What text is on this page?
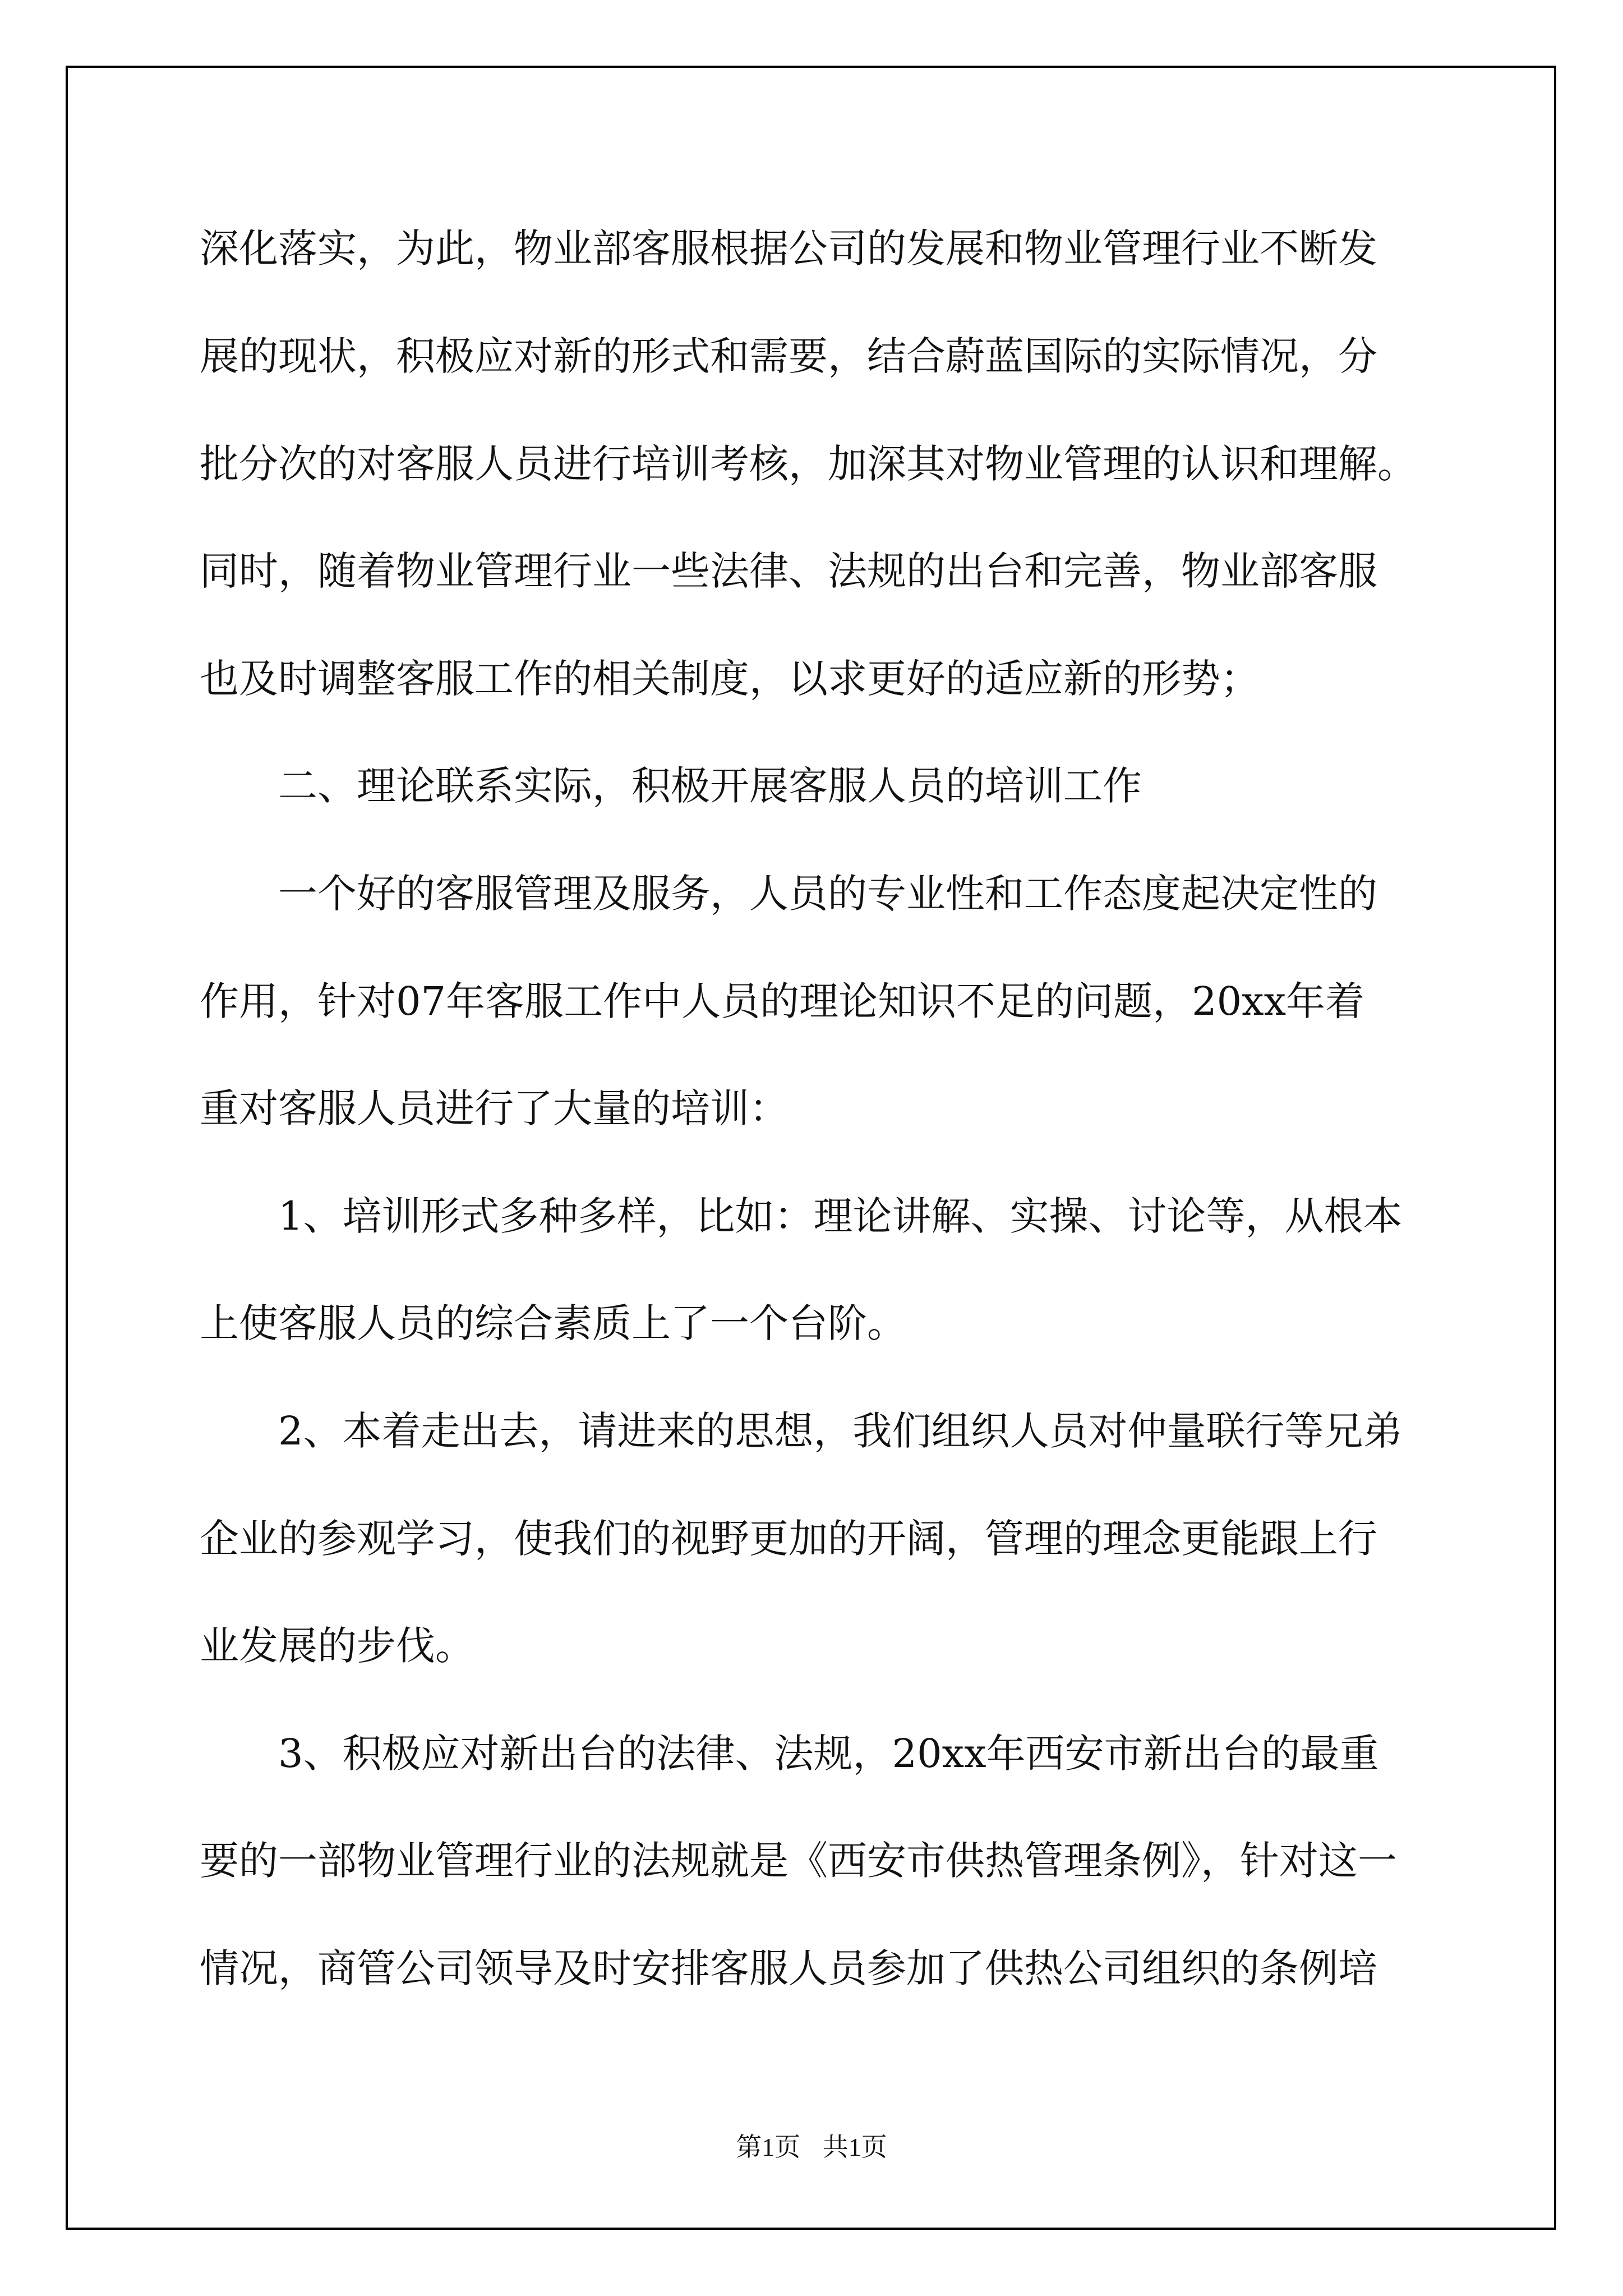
深化落实，为此，物业部客服根据公司的发展和物业管理行业不断发
展的现状，积极应对新的形式和需要，结合蔚蓝国际的实际情况，分
批分次的对客服人员进行培训考核，加深其对物业管理的认识和理解。
同时，随着物业管理行业一些法律、法规的出台和完善，物业部客服
也及时调整客服工作的相关制度，以求更好的适应新的形势；
二、理论联系实际，积极开展客服人员的培训工作
一个好的客服管理及服务，人员的专业性和工作态度起决定性的
作用，针对07年客服工作中人员的理论知识不足的问题，20xx年着
重对客服人员进行了大量的培训：
1、培训形式多种多样，比如：理论讲解、实操、讨论等，从根本
上使客服人员的综合素质上了一个台阶。
2、本着走出去，请进来的思想，我们组织人员对仲量联行等兄弟
企业的参观学习，使我们的视野更加的开阔，管理的理念更能跟上行
业发展的步伐。
3、积极应对新出台的法律、法规，20xx年西安市新出台的最重
要的一部物业管理行业的法规就是《西安市供热管理条例》，针对这一
情况，商管公司领导及时安排客服人员参加了供热公司组织的条例培
第1页 共1页
